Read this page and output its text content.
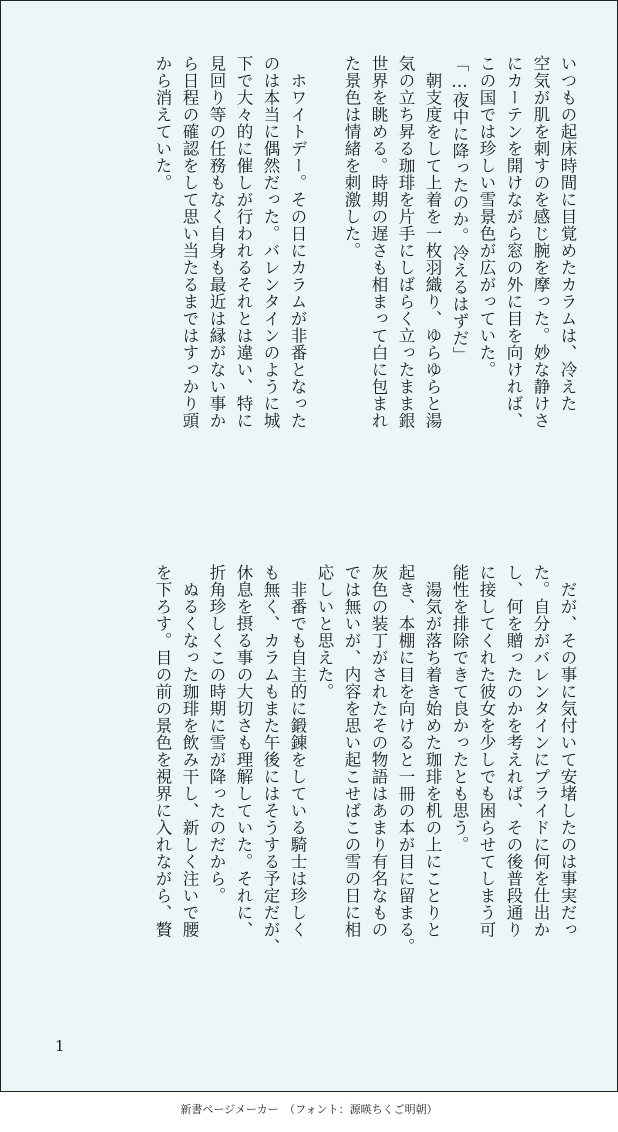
いつもの起床時間に目覚めたカラムは、冷えた
空気が肌を刺すのを感じ腕を摩った。妙な静けさ
にカーテンを開けながら窓の外に目を向ければ、
この国では珍しい雪景色が広がっていた。
「…夜中に降ったのか。冷えるはずだ」
　朝支度をして上着を一枚羽織り、ゆらゆらと湯
気の立ち昇る珈琲を片手にしばらく立ったまま銀
世界を眺める。時期の遅さも相まって白に包まれ
た景色は情緒を刺激した。
　ホワイトデー。その日にカラムが非番となった
のは本当に偶然だった。バレンタインのように城
下で大々的に催しが行われるそれとは違い、特に
見回り等の任務もなく自身も最近は縁がない事か
ら日程の確認をして思い当たるまではすっかり頭
から消えていた。
　だが、その事に気付いて安堵したのは事実だっ
た。自分がバレンタインにプライドに何を仕出か
し、何を贈ったのかを考えれば、その後普段通り
に接してくれた彼女を少しでも困らせてしまう可
能性を排除できて良かったとも思う。
　湯気が落ち着き始めた珈琲を机の上にことりと
起き、本棚に目を向けると一冊の本が目に留まる。
灰色の装丁がされたその物語はあまり有名なもの
では無いが、内容を思い起こせばこの雪の日に相
応しいと思えた。
　非番でも自主的に鍛錬をしている騎士は珍しく
も無く、カラムもまた午後にはそうする予定だが、
休息を摂る事の大切さも理解していた。それに、
折角珍しくこの時期に雪が降ったのだから。
　ぬるくなった珈琲を飲み干し、新しく注いで腰
を下ろす。目の前の景色を視界に入れながら、贅
1
新書ページメーカー　（フォント：源暎ちくご明朝）
